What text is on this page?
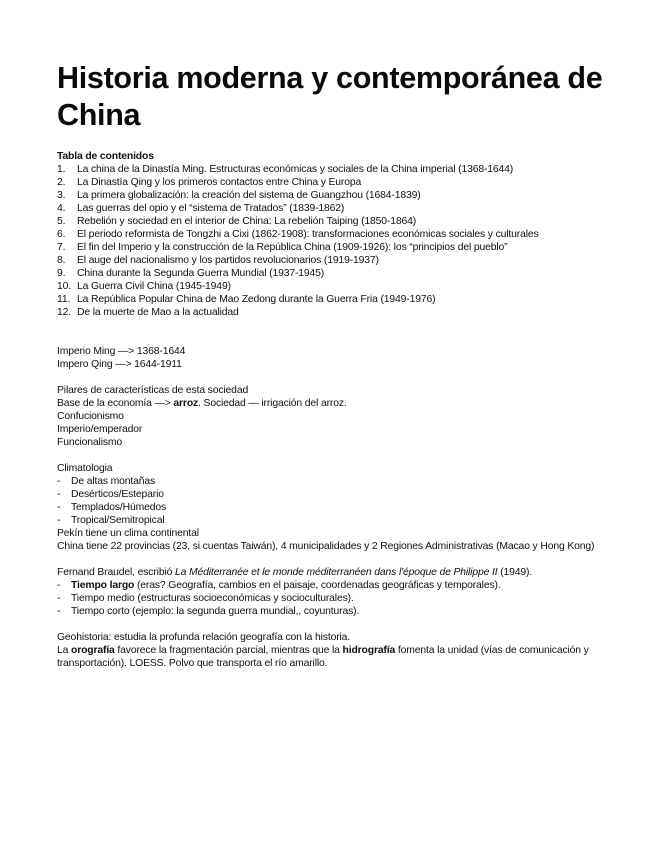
Historia moderna y contemporánea de China
Tabla de contenidos
1. La china de la Dinastía Ming. Estructuras económicas y sociales de la China imperial (1368-1644)
2. La Dinastía Qing y los primeros contactos entre China y Europa
3. La primera globalización: la creación del sistema de Guangzhou (1684-1839)
4. Las guerras del opio y el “sistema de Tratados” (1839-1862)
5. Rebelión y sociedad en el interior de China: La rebelión Taiping (1850-1864)
6. El periodo reformista de Tongzhi a Cixi (1862-1908): transformaciones económicas sociales y culturales
7. El fin del Imperio y la construcción de la República China (1909-1926): los “principios del pueblo”
8. El auge del nacionalismo y los partidos revolucionarios (1919-1937)
9. China durante la Segunda Guerra Mundial (1937-1945)
10. La Guerra Civil China (1945-1949)
11. La República Popular China de Mao Zedong durante la Guerra Fria (1949-1976)
12. De la muerte de Mao a la actualidad

Imperio Ming —> 1368-1644

Impero Qing —> 1644-1911

Pilares de características de esta sociedad

Base de la economía —> arroz. Sociedad — irrigación del arroz.

Confucionismo

Imperio/emperador

Funcionalismo

Climatologia

- De altas montañas
- Desérticos/Estepario
- Templados/Húmedos
- Tropical/Semitropical

Pekín tiene un clima continental

China tiene 22 provincias (23, si cuentas Taiwán), 4 municipalidades y 2 Regiones Administrativas (Macao y Hong Kong)

Fernand Braudel, escribió La Méditerranée et le monde méditerranéen dans l'époque de Philippe II (1949).

- Tiempo largo (eras? Geografía, cambios en el paisaje, coordenadas geográficas y temporales).
- Tiempo medio (estructuras socioeconómicas y socioculturales).
- Tiempo corto (ejemplo: la segunda guerra mundial,, coyunturas).

Geohistoria: estudia la profunda relación geografía con la historia.

La orografía favorece la fragmentación parcial, mientras que la hidrografía fomenta la unidad (vías de comunicación y transportación). LOESS. Polvo que transporta el río amarillo.
